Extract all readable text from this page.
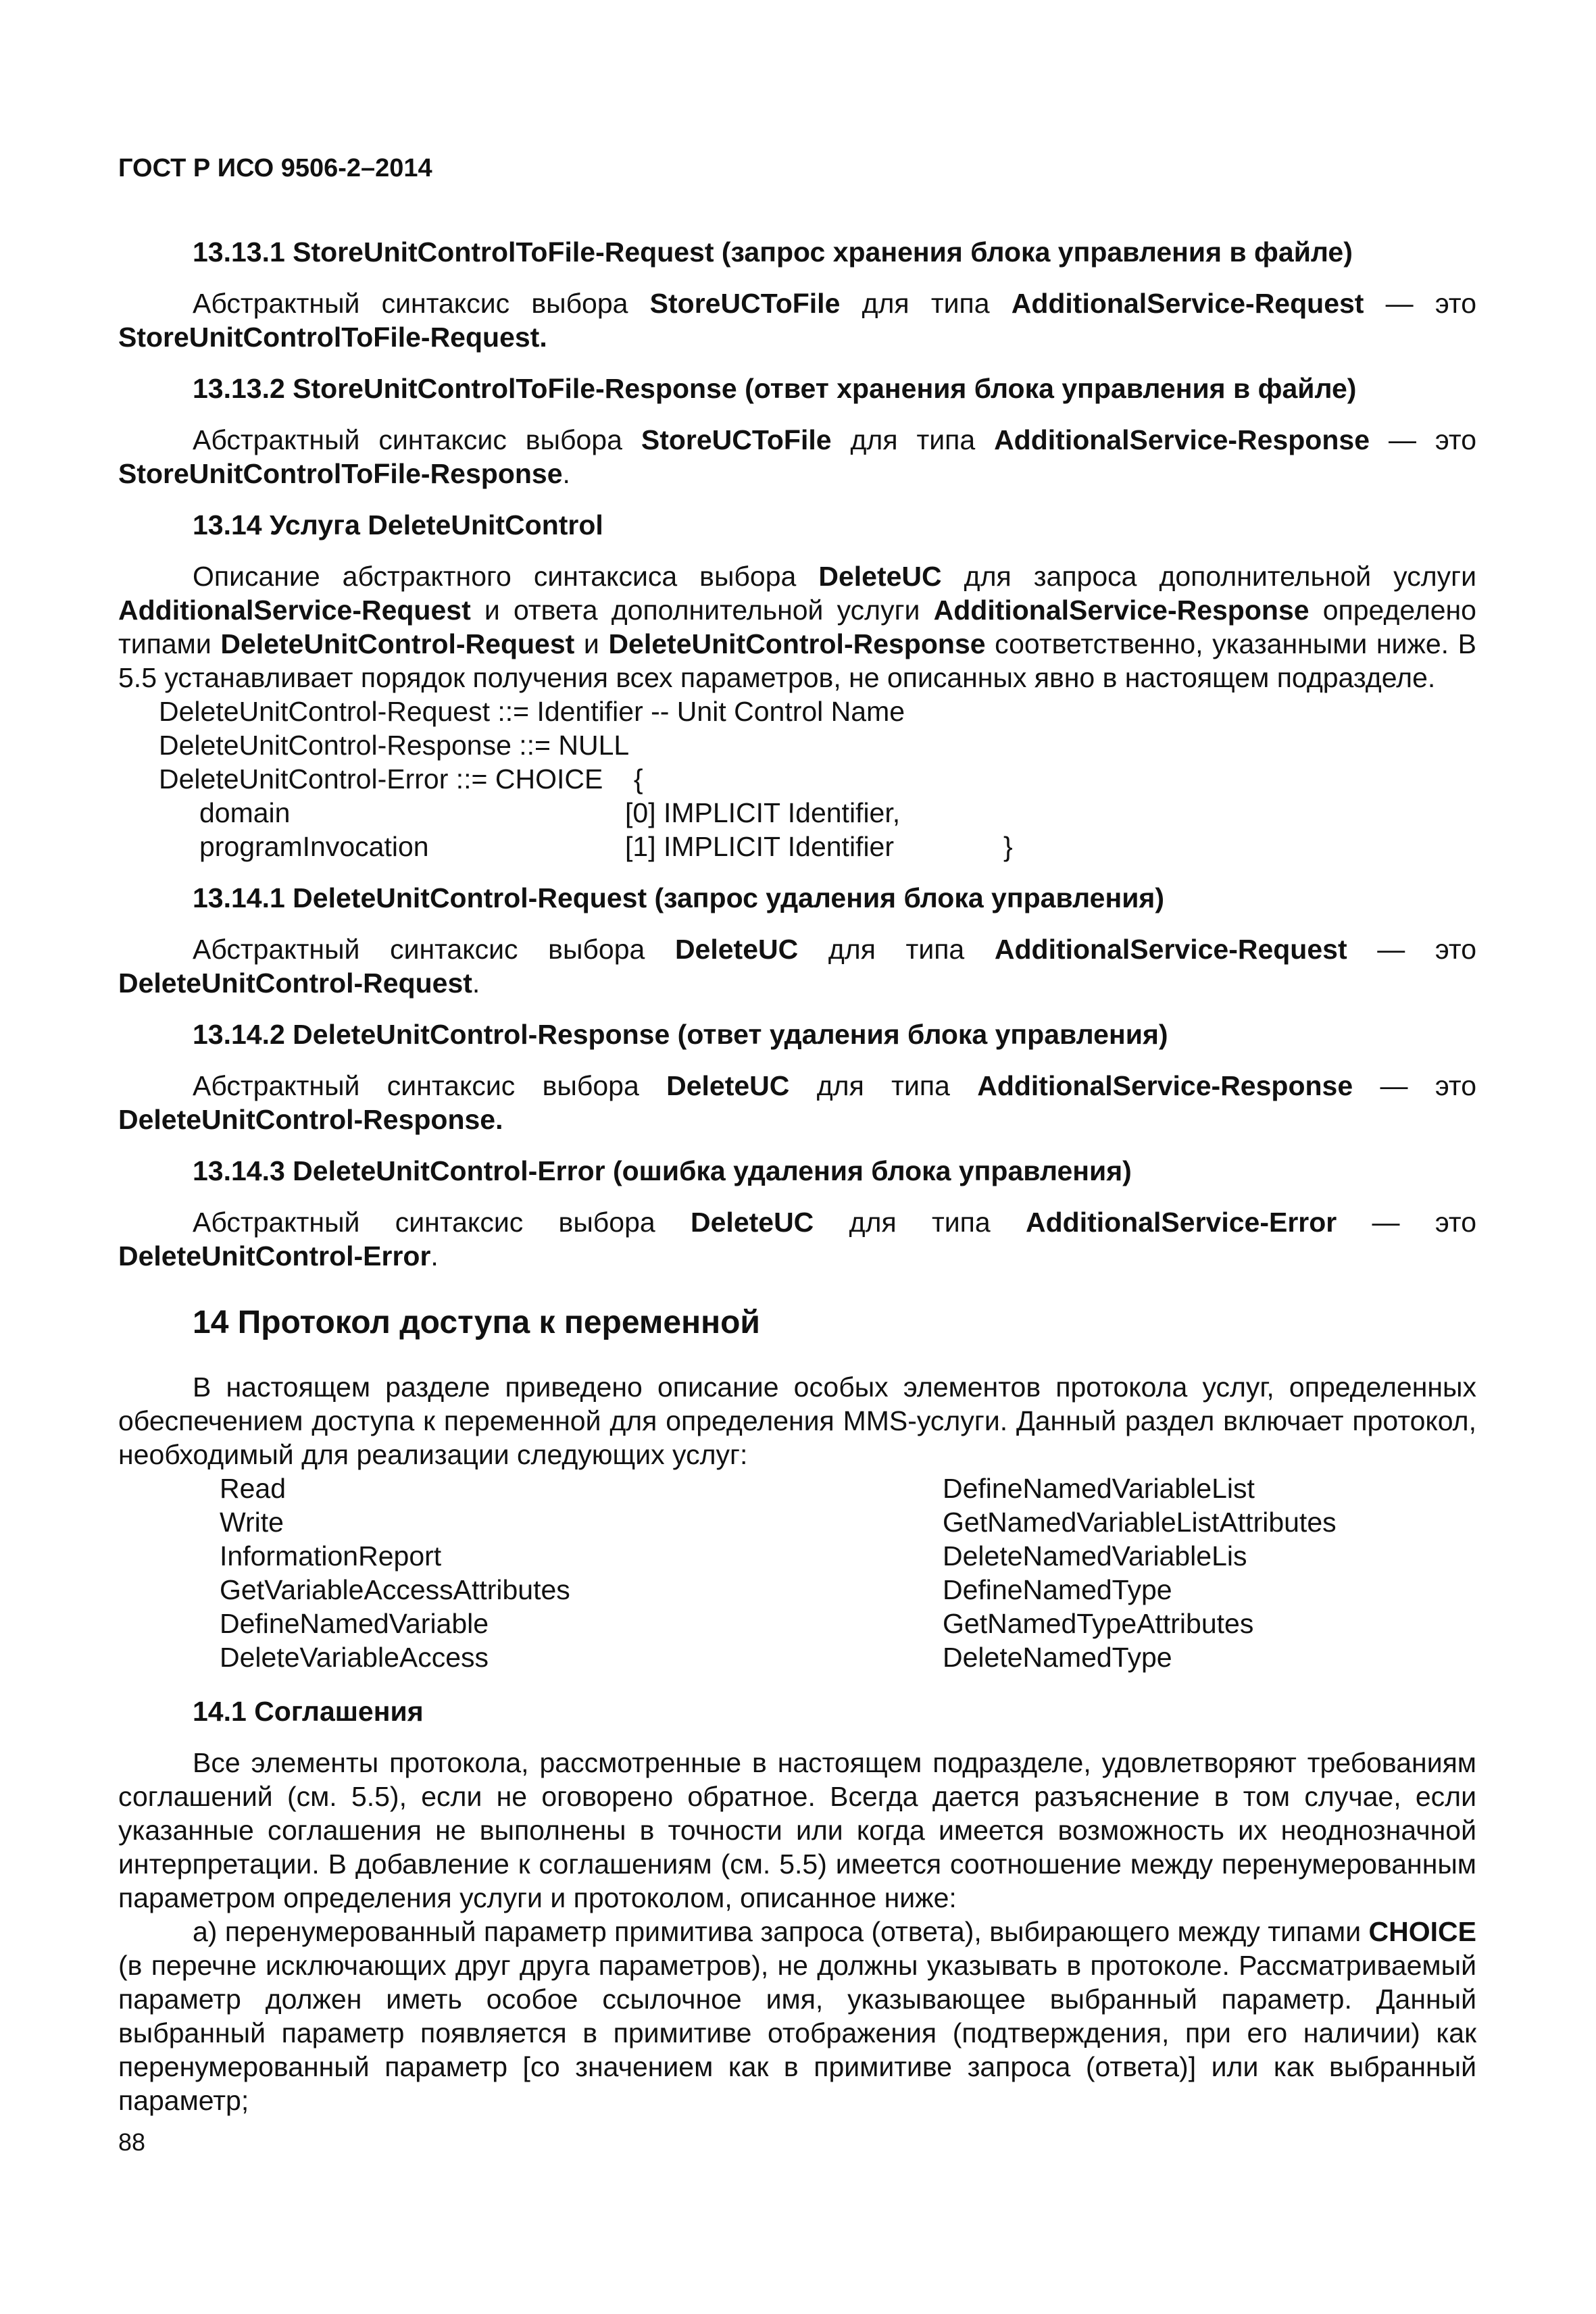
ГОСТ Р ИСО 9506-2–2014
13.13.1 StoreUnitControlToFile-Request (запрос хранения блока управления в файле)

Абстрактный синтаксис выбора StoreUCToFile для типа AdditionalService-Request — это StoreUnitControlToFile-Request.

13.13.2 StoreUnitControlToFile-Response (ответ хранения блока управления в файле)

Абстрактный синтаксис выбора StoreUCToFile для типа AdditionalService-Response — это StoreUnitControlToFile-Response.

13.14 Услуга DeleteUnitControl

Описание абстрактного синтаксиса выбора DeleteUC для запроса дополнительной услуги AdditionalService-Request и ответа дополнительной услуги AdditionalService-Response определено типами DeleteUnitControl-Request и DeleteUnitControl-Response соответственно, указанными ниже. В 5.5 устанавливает порядок получения всех параметров, не описанных явно в настоящем подразделе.

DeleteUnitControl-Request ::= Identifier -- Unit Control Name
DeleteUnitControl-Response ::= NULL
DeleteUnitControl-Error ::= CHOICE    {
domain	[0] IMPLICIT Identifier,
programInvocation	[1] IMPLICIT Identifier	}
13.14.1 DeleteUnitControl-Request (запрос удаления блока управления)

Абстрактный синтаксис выбора DeleteUC для типа AdditionalService-Request — это DeleteUnitControl-Request.

13.14.2 DeleteUnitControl-Response (ответ удаления блока управления)

Абстрактный синтаксис выбора DeleteUC для типа AdditionalService-Response — это DeleteUnitControl-Response.

13.14.3 DeleteUnitControl-Error (ошибка удаления блока управления)

Абстрактный синтаксис выбора DeleteUC для типа AdditionalService-Error — это DeleteUnitControl-Error.

14 Протокол доступа к переменной

В настоящем разделе приведено описание особых элементов протокола услуг, определенных обеспечением доступа к переменной для определения MMS-услуги. Данный раздел включает протокол, необходимый для реализации следующих услуг:

Read
Write
InformationReport
GetVariableAccessAttributes
DefineNamedVariable
DeleteVariableAccess
DefineNamedVariableList
GetNamedVariableListAttributes
DeleteNamedVariableLis
DefineNamedType
GetNamedTypeAttributes
DeleteNamedType
14.1 Соглашения

Все элементы протокола, рассмотренные в настоящем подразделе, удовлетворяют требованиям соглашений (см. 5.5), если не оговорено обратное. Всегда дается разъяснение в том случае, если указанные соглашения не выполнены в точности или когда имеется возможность их неоднозначной интерпретации. В добавление к соглашениям (см. 5.5) имеется соотношение между перенумерованным параметром определения услуги и протоколом, описанное ниже:

а) перенумерованный параметр примитива запроса (ответа), выбирающего между типами CHOICE (в перечне исключающих друг друга параметров), не должны указывать в протоколе. Рассматриваемый параметр должен иметь особое ссылочное имя, указывающее выбранный параметр. Данный выбранный параметр появляется в примитиве отображения (подтверждения, при его наличии) как перенумерованный параметр [со значением как в примитиве запроса (ответа)] или как выбранный параметр;

88
